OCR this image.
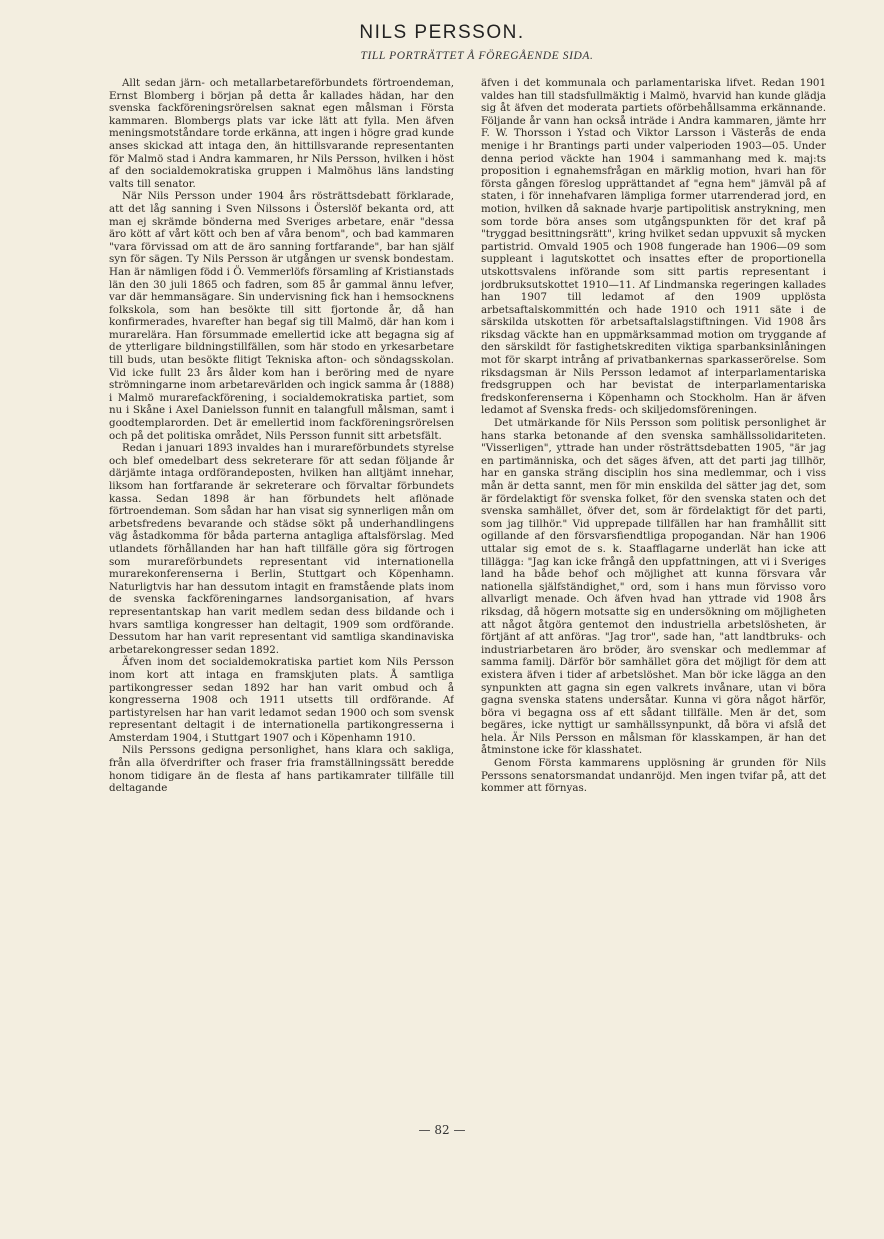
NILS PERSSON.
TILL PORTRÄTTET Å FÖREGÅENDE SIDA.

Allt sedan järn- och metallarbetareförbundets förtroendeman, Ernst Blomberg i början på detta år kallades hädan, har den svenska fackföreningsrörelsen saknat egen målsman i Första kammaren. Blombergs plats var icke lätt att fylla. Men äfven meningsmotståndare torde erkänna, att ingen i högre grad kunde anses skickad att intaga den, än hittillsvarande representanten för Malmö stad i Andra kammaren, hr Nils Persson, hvilken i höst af den socialdemokratiska gruppen i Malmöhus läns landsting valts till senator.

När Nils Persson under 1904 års rösträttsdebatt förklarade, att det låg sanning i Sven Nilssons i Österslöf bekanta ord, att man ej skrämde bönderna med Sveriges arbetare, enär "dessa äro kött af vårt kött och ben af våra benom", och bad kammaren "vara förvissad om att de äro sanning fortfarande", bar han själf syn för sägen. Ty Nils Persson är utgången ur svensk bondestam. Han är nämligen född i Ö. Vemmerlöfs församling af Kristianstads län den 30 juli 1865 och fadren, som 85 år gammal ännu lefver, var där hemmansägare. Sin undervisning fick han i hemsocknens folkskola, som han besökte till sitt fjortonde år, då han konfirmerades, hvarefter han begaf sig till Malmö, där han kom i murarelära. Han försummade emellertid icke att begagna sig af de ytterligare bildningstillfällen, som här stodo en yrkesarbetare till buds, utan besökte flitigt Tekniska afton- och söndagsskolan. Vid icke fullt 23 års ålder kom han i beröring med de nyare strömningarne inom arbetarevärlden och ingick samma år (1888) i Malmö murarefackförening, i socialdemokratiska partiet, som nu i Skåne i Axel Danielsson funnit en talangfull målsman, samt i goodtemplarorden. Det är emellertid inom fackföreningsrörelsen och på det politiska området, Nils Persson funnit sitt arbetsfält.

Redan i januari 1893 invaldes han i murareförbundets styrelse och blef omedelbart dess sekreterare för att sedan följande år därjämte intaga ordförandeposten, hvilken han alltjämt innehar, liksom han fortfarande är sekreterare och förvaltar förbundets kassa. Sedan 1898 är han förbundets helt aflönade förtroendeman. Som sådan har han visat sig synnerligen mån om arbetsfredens bevarande och städse sökt på underhandlingens väg åstadkomma för båda parterna antagliga aftalsförslag. Med utlandets förhållanden har han haft tillfälle göra sig förtrogen som murareförbundets representant vid internationella murarekonferenserna i Berlin, Stuttgart och Köpenhamn. Naturligtvis har han dessutom intagit en framstående plats inom de svenska fackföreningarnes landsorganisation, af hvars representantskap han varit medlem sedan dess bildande och i hvars samtliga kongresser han deltagit, 1909 som ordförande. Dessutom har han varit representant vid samtliga skandinaviska arbetarekongresser sedan 1892.

Äfven inom det socialdemokratiska partiet kom Nils Persson inom kort att intaga en framskjuten plats. Å samtliga partikongresser sedan 1892 har han varit ombud och å kongresserna 1908 och 1911 utsetts till ordförande. Af partistyrelsen har han varit ledamot sedan 1900 och som svensk representant deltagit i de internationella partikongresserna i Amsterdam 1904, i Stuttgart 1907 och i Köpenhamn 1910.

Nils Perssons gedigna personlighet, hans klara och sakliga, från alla öfverdrifter och fraser fria framställningssätt beredde honom tidigare än de flesta af hans partikamrater tillfälle till deltagande

äfven i det kommunala och parlamentariska lifvet. Redan 1901 valdes han till stadsfullmäktig i Malmö, hvarvid han kunde glädja sig åt äfven det moderata partiets oförbehållsamma erkännande. Följande år vann han också inträde i Andra kammaren, jämte hrr F. W. Thorsson i Ystad och Viktor Larsson i Västerås de enda menige i hr Brantings parti under valperioden 1903—05. Under denna period väckte han 1904 i sammanhang med k. maj:ts proposition i egnahemsfrågan en märklig motion, hvari han för första gången föreslog upprättandet af "egna hem" jämväl på af staten, i för innehafvaren lämpliga former utarrenderad jord, en motion, hvilken då saknade hvarje partipolitisk anstrykning, men som torde böra anses som utgångspunkten för det kraf på "tryggad besittningsrätt", kring hvilket sedan uppvuxit så mycken partistrid. Omvald 1905 och 1908 fungerade han 1906—09 som suppleant i lagutskottet och insattes efter de proportionella utskottsvalens införande som sitt partis representant i jordbruksutskottet 1910—11. Af Lindmanska regeringen kallades han 1907 till ledamot af den 1909 upplösta arbetsaftalskommittén och hade 1910 och 1911 säte i de särskilda utskotten för arbetsaftalslagstiftningen. Vid 1908 års riksdag väckte han en uppmärksammad motion om tryggande af den särskildt för fastighetskrediten viktiga sparbanksinlåningen mot för skarpt intrång af privatbankernas sparkasserörelse. Som riksdagsman är Nils Persson ledamot af interparlamentariska fredsgruppen och har bevistat de interparlamentariska fredskonferenserna i Köpenhamn och Stockholm. Han är äfven ledamot af Svenska freds- och skiljedomsföreningen.

Det utmärkande för Nils Persson som politisk personlighet är hans starka betonande af den svenska samhällssolidariteten. "Visserligen", yttrade han under rösträttsdebatten 1905, "är jag en partimänniska, och det säges äfven, att det parti jag tillhör, har en ganska sträng disciplin hos sina medlemmar, och i viss mån är detta sannt, men för min enskilda del sätter jag det, som är fördelaktigt för svenska folket, för den svenska staten och det svenska samhället, öfver det, som är fördelaktigt för det parti, som jag tillhör." Vid upprepade tillfällen har han framhållit sitt ogillande af den försvarsfiendtliga propogandan. När han 1906 uttalar sig emot de s. k. Staafflagarne underlät han icke att tillägga: "Jag kan icke frångå den uppfattningen, att vi i Sveriges land ha både behof och möjlighet att kunna försvara vår nationella själfständighet," ord, som i hans mun förvisso voro allvarligt menade. Och äfven hvad han yttrade vid 1908 års riksdag, då högern motsatte sig en undersökning om möjligheten att något åtgöra gentemot den industriella arbetslösheten, är förtjänt af att anföras. "Jag tror", sade han, "att landtbruks- och industriarbetaren äro bröder, äro svenskar och medlemmar af samma familj. Därför bör samhället göra det möjligt för dem att existera äfven i tider af arbetslöshet. Man bör icke lägga an den synpunkten att gagna sin egen valkrets invånare, utan vi böra gagna svenska statens undersåtar. Kunna vi göra något härför, böra vi begagna oss af ett sådant tillfälle. Men är det, som begäres, icke nyttigt ur samhällssynpunkt, då böra vi afslå det hela. Är Nils Persson en målsman för klasskampen, är han det åtminstone icke för klasshatet.

Genom Första kammarens upplösning är grunden för Nils Perssons senatorsmandat undanröjd. Men ingen tvifar på, att det kommer att förnyas.

— 82 —
